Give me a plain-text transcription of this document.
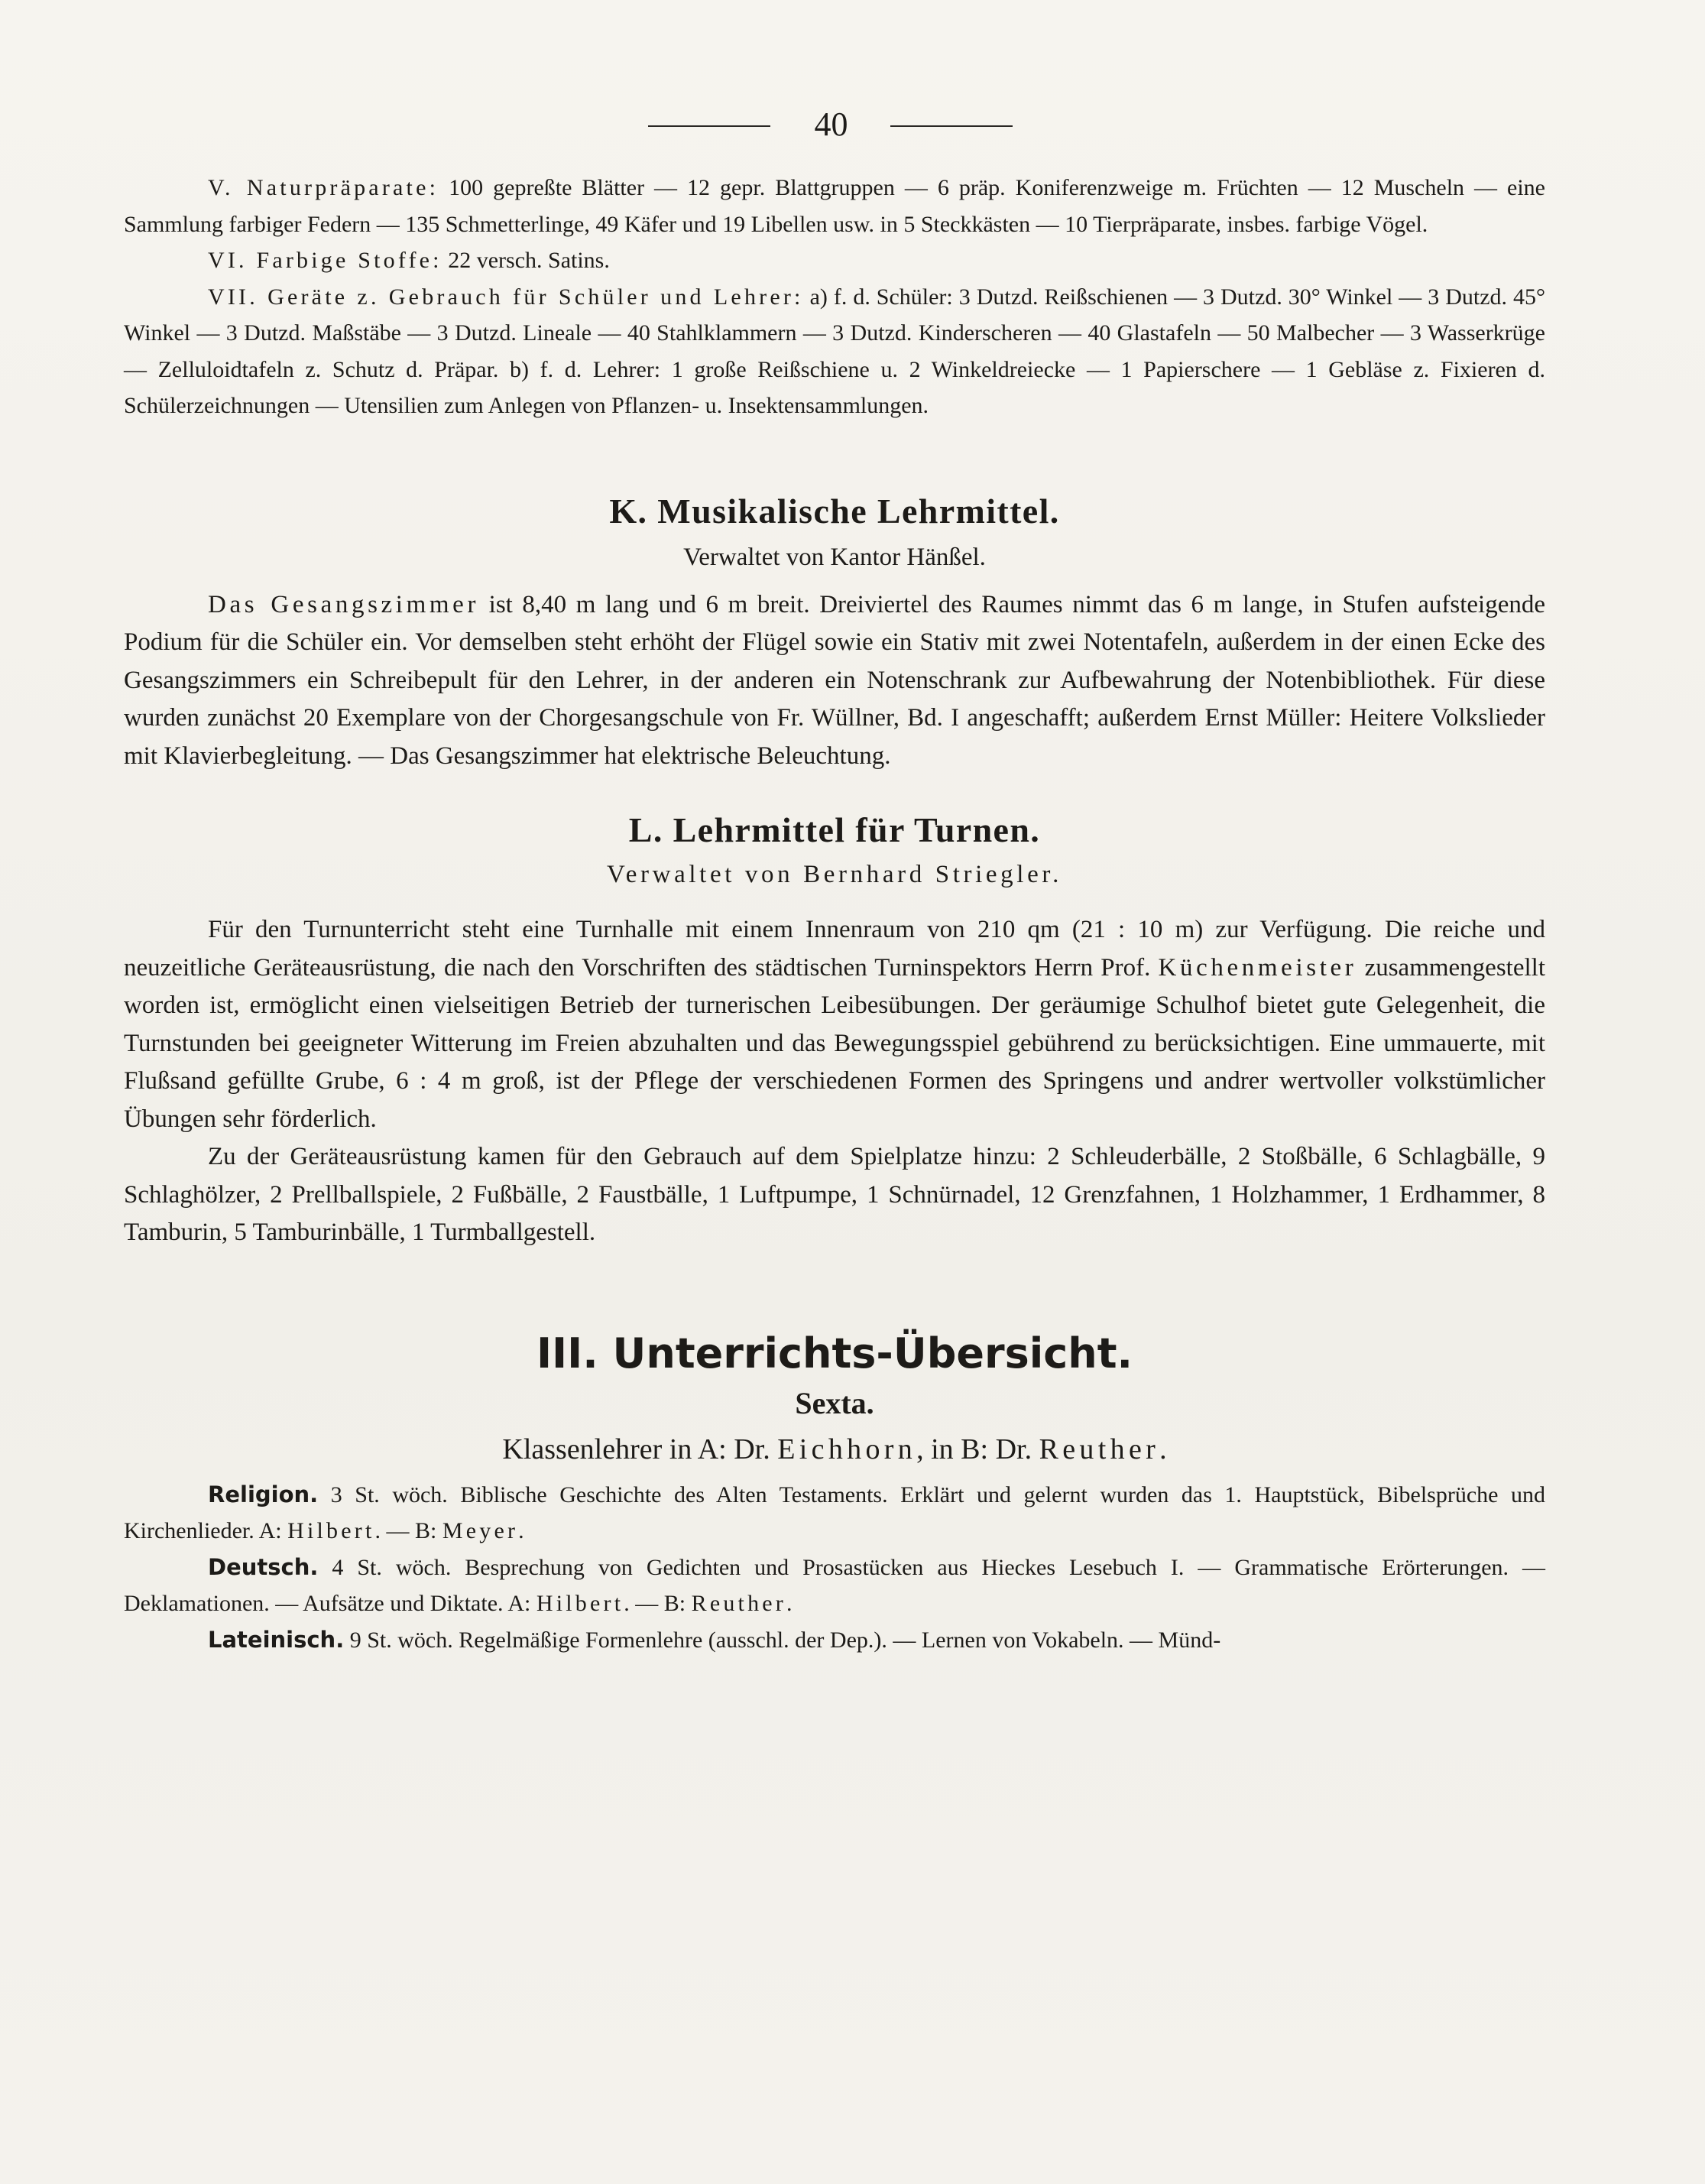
40

V. Naturpräparate: 100 gepreßte Blätter — 12 gepr. Blattgruppen — 6 präp. Koniferenzweige m. Früchten — 12 Muscheln — eine Sammlung farbiger Federn — 135 Schmetterlinge, 49 Käfer und 19 Libellen usw. in 5 Steckkästen — 10 Tierpräparate, insbes. farbige Vögel.

VI. Farbige Stoffe: 22 versch. Satins.

VII. Geräte z. Gebrauch für Schüler und Lehrer: a) f. d. Schüler: 3 Dutzd. Reißschienen — 3 Dutzd. 30° Winkel — 3 Dutzd. 45° Winkel — 3 Dutzd. Maßstäbe — 3 Dutzd. Lineale — 40 Stahlklammern — 3 Dutzd. Kinderscheren — 40 Glastafeln — 50 Malbecher — 3 Wasserkrüge — Zelluloidtafeln z. Schutz d. Präpar. b) f. d. Lehrer: 1 große Reißschiene u. 2 Winkeldreiecke — 1 Papierschere — 1 Gebläse z. Fixieren d. Schülerzeichnungen — Utensilien zum Anlegen von Pflanzen- u. Insektensammlungen.

K. Musikalische Lehrmittel.

Verwaltet von Kantor Hänßel.

Das Gesangszimmer ist 8,40 m lang und 6 m breit. Dreiviertel des Raumes nimmt das 6 m lange, in Stufen aufsteigende Podium für die Schüler ein. Vor demselben steht erhöht der Flügel sowie ein Stativ mit zwei Notentafeln, außerdem in der einen Ecke des Gesangszimmers ein Schreibepult für den Lehrer, in der anderen ein Notenschrank zur Aufbewahrung der Notenbibliothek. Für diese wurden zunächst 20 Exemplare von der Chorgesangschule von Fr. Wüllner, Bd. I angeschafft; außerdem Ernst Müller: Heitere Volkslieder mit Klavierbegleitung. — Das Gesangszimmer hat elektrische Beleuchtung.

L. Lehrmittel für Turnen.

Verwaltet von Bernhard Striegler.

Für den Turnunterricht steht eine Turnhalle mit einem Innenraum von 210 qm (21 : 10 m) zur Verfügung. Die reiche und neuzeitliche Geräteausrüstung, die nach den Vorschriften des städtischen Turninspektors Herrn Prof. Küchenmeister zusammengestellt worden ist, ermöglicht einen vielseitigen Betrieb der turnerischen Leibesübungen. Der geräumige Schulhof bietet gute Gelegenheit, die Turnstunden bei geeigneter Witterung im Freien abzuhalten und das Bewegungsspiel gebührend zu berücksichtigen. Eine ummauerte, mit Flußsand gefüllte Grube, 6 : 4 m groß, ist der Pflege der verschiedenen Formen des Springens und andrer wertvoller volkstümlicher Übungen sehr förderlich.

Zu der Geräteausrüstung kamen für den Gebrauch auf dem Spielplatze hinzu: 2 Schleuderbälle, 2 Stoßbälle, 6 Schlagbälle, 9 Schlaghölzer, 2 Prellballspiele, 2 Fußbälle, 2 Faustbälle, 1 Luftpumpe, 1 Schnürnadel, 12 Grenzfahnen, 1 Holzhammer, 1 Erdhammer, 8 Tamburin, 5 Tamburinbälle, 1 Turmballgestell.

III. Unterrichts-Übersicht.
Sexta.

Klassenlehrer in A: Dr. Eichhorn, in B: Dr. Reuther.

Religion. 3 St. wöch. Biblische Geschichte des Alten Testaments. Erklärt und gelernt wurden das 1. Hauptstück, Bibelsprüche und Kirchenlieder. A: Hilbert. — B: Meyer.

Deutsch. 4 St. wöch. Besprechung von Gedichten und Prosastücken aus Hieckes Lesebuch I. — Grammatische Erörterungen. — Deklamationen. — Aufsätze und Diktate. A: Hilbert. — B: Reuther.

Lateinisch. 9 St. wöch. Regelmäßige Formenlehre (ausschl. der Dep.). — Lernen von Vokabeln. — Münd-
